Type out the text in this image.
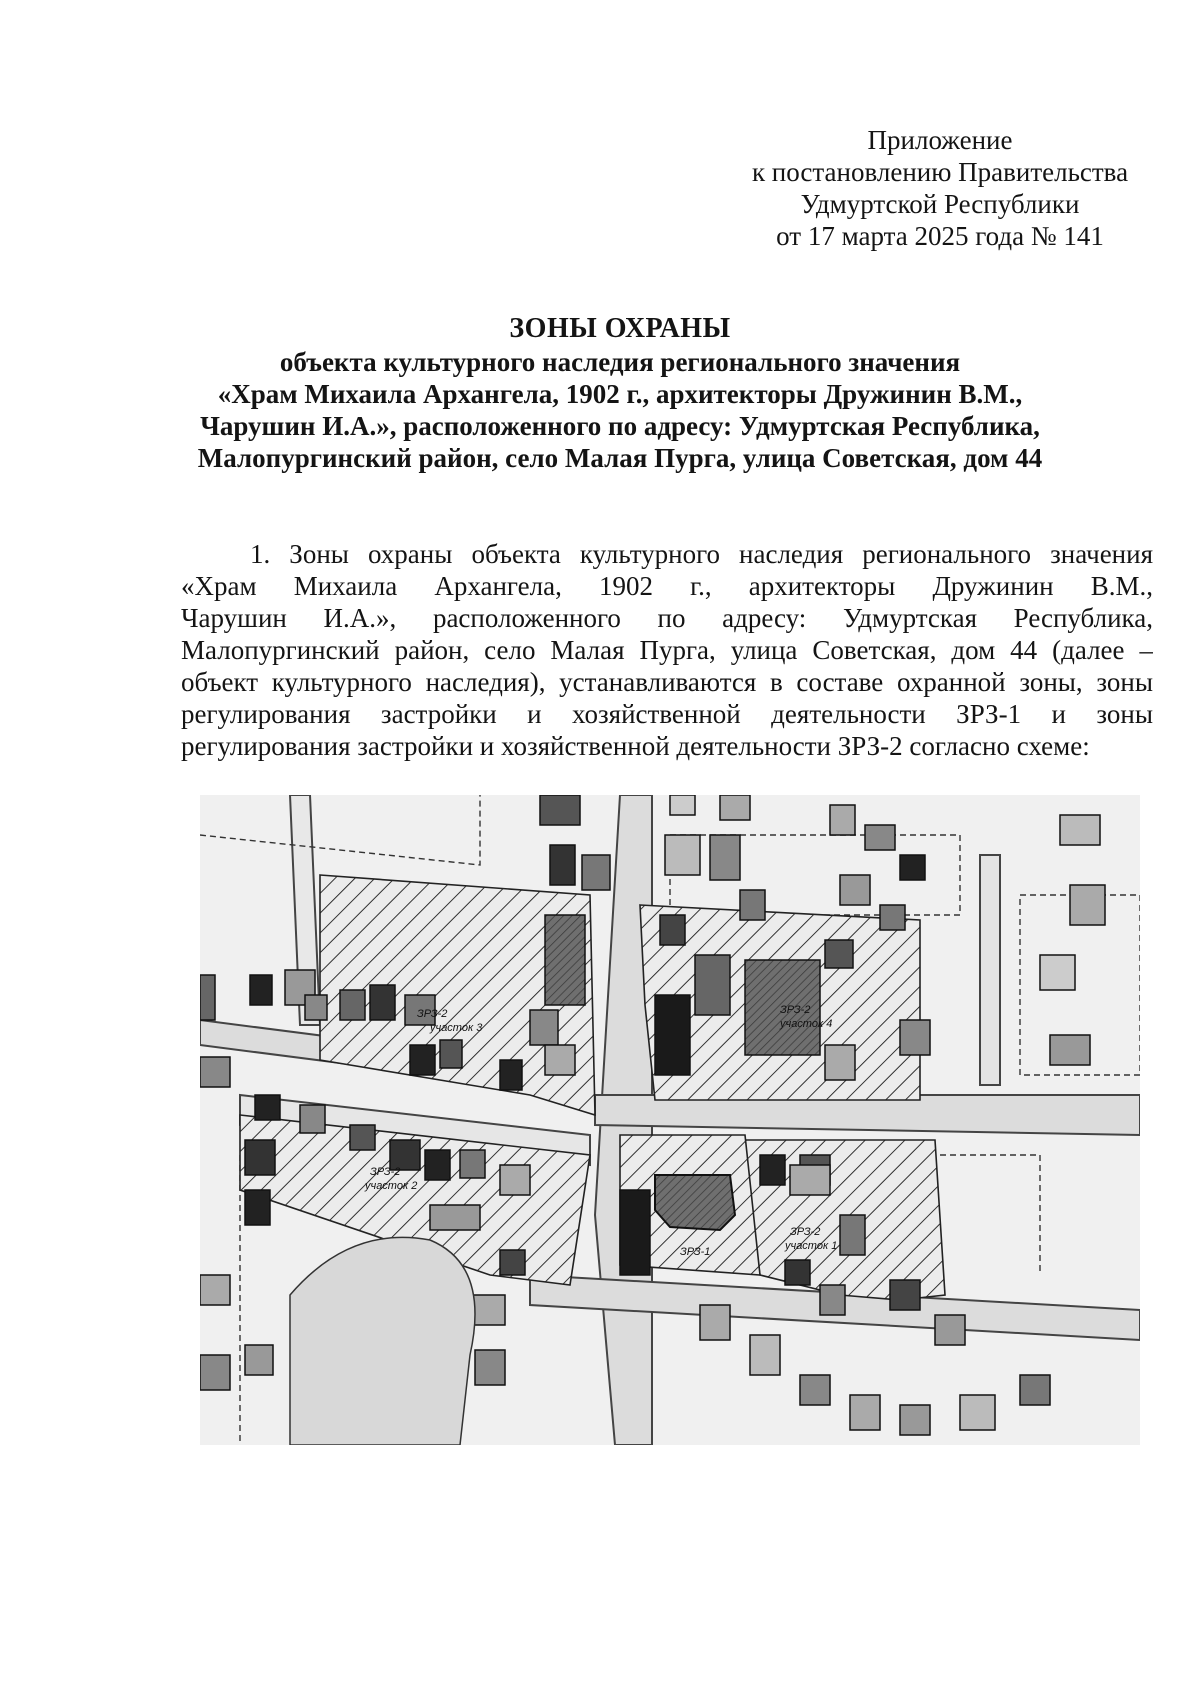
Приложение
к постановлению Правительства
Удмуртской Республики
от 17 марта 2025 года № 141
ЗОНЫ ОХРАНЫ
объекта культурного наследия регионального значения
«Храм Михаила Архангела, 1902 г., архитекторы Дружинин В.М.,
Чарушин И.А.», расположенного по адресу: Удмуртская Республика,
Малопургинский район, село Малая Пурга, улица Советская, дом 44
1. Зоны охраны объекта культурного наследия регионального значения
«Храм Михаила Архангела, 1902 г., архитекторы Дружинин В.М.,
Чарушин И.А.», расположенного по адресу: Удмуртская Республика,
Малопургинский район, село Малая Пурга, улица Советская, дом 44 (далее –
объект культурного наследия), устанавливаются в составе охранной зоны, зоны
регулирования застройки и хозяйственной деятельности ЗРЗ-1 и зоны
регулирования застройки и хозяйственной деятельности ЗРЗ-2 согласно схеме:
ЗРЗ-2
участок 3
ЗРЗ-2
участок 4
ЗРЗ-2
участок 2
ЗРЗ-2
участок 1
ЗРЗ-1
